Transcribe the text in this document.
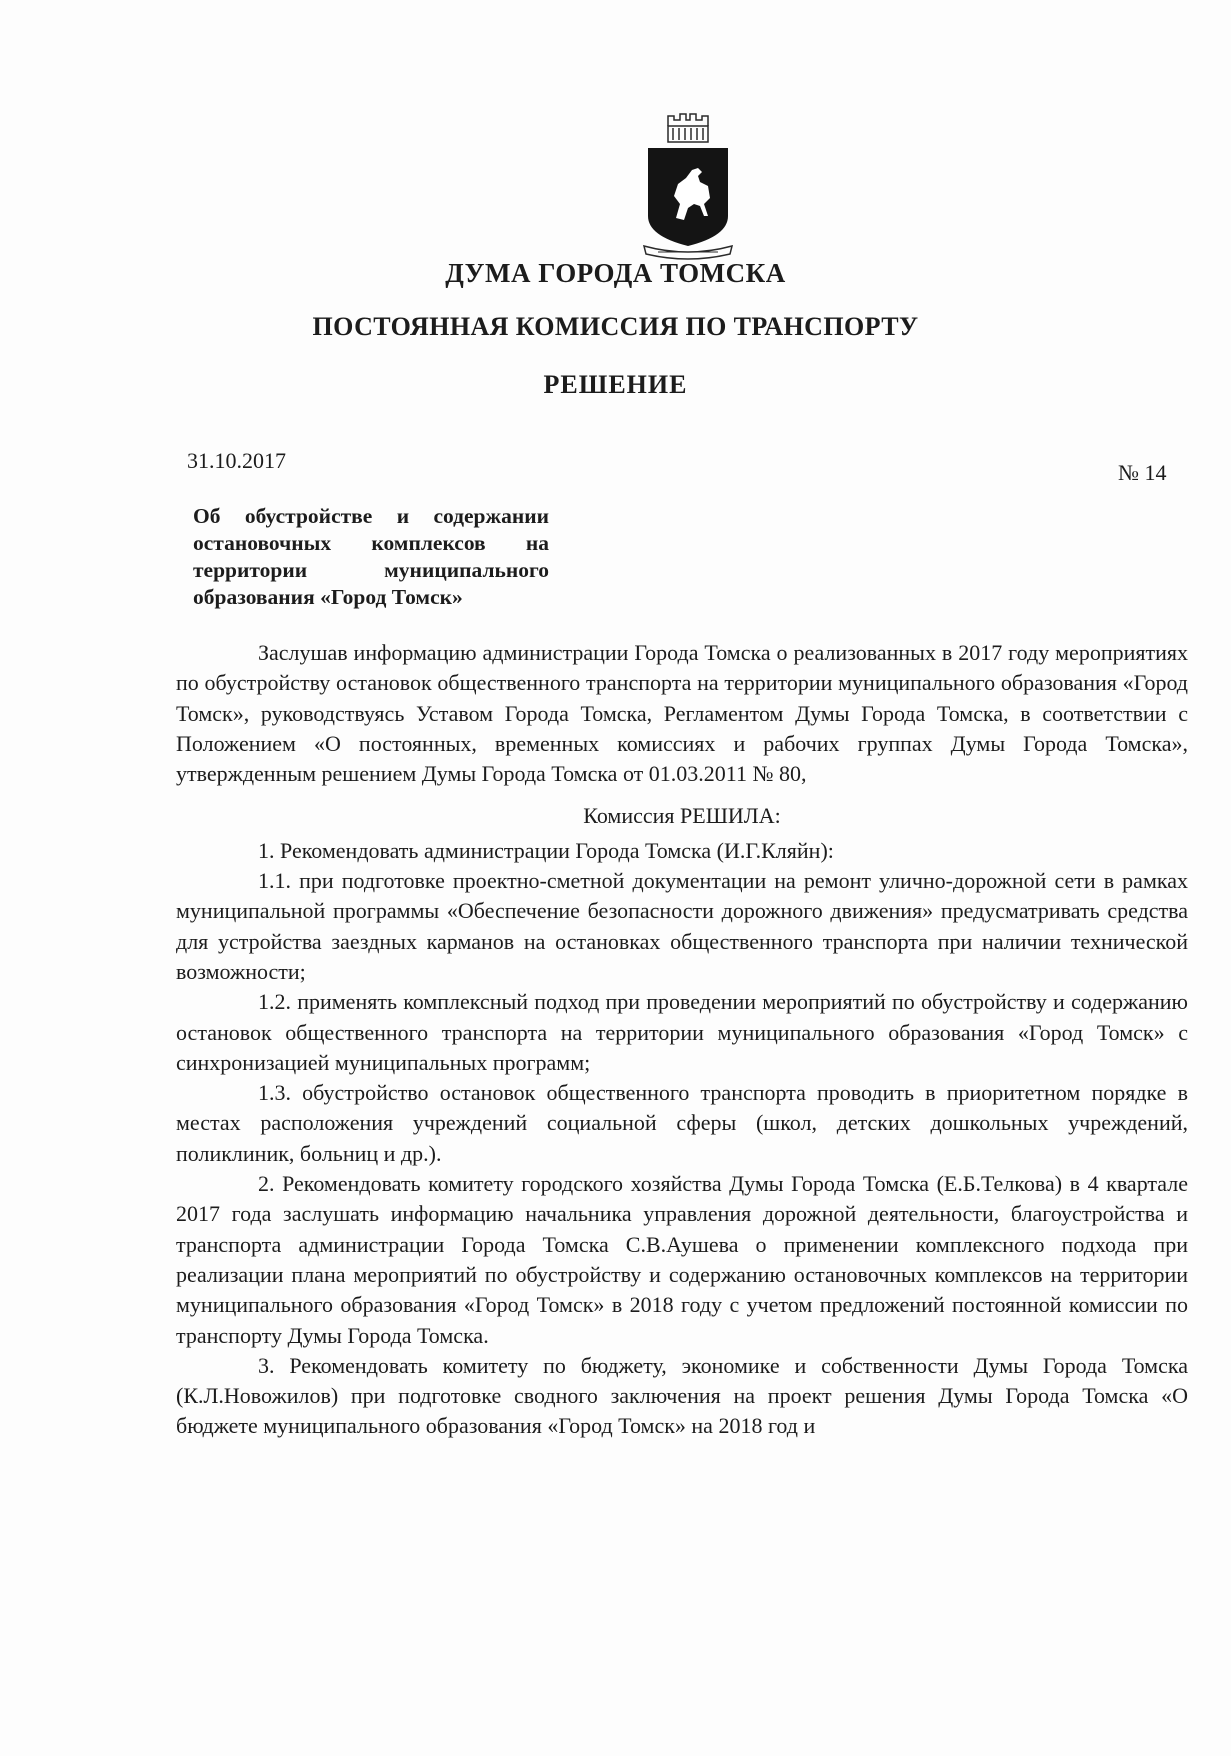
ДУМА ГОРОДА ТОМСКА
ПОСТОЯННАЯ КОМИССИЯ ПО ТРАНСПОРТУ
РЕШЕНИЕ
31.10.2017	№ 14

Об обустройстве и содержании остановочных комплексов на территории муниципального образования «Город Томск»

Заслушав информацию администрации Города Томска о реализованных в 2017 году мероприятиях по обустройству остановок общественного транспорта на территории муниципального образования «Город Томск», руководствуясь Уставом Города Томска, Регламентом Думы Города Томска, в соответствии с Положением «О постоянных, временных комиссиях и рабочих группах Думы Города Томска», утвержденным решением Думы Города Томска от 01.03.2011 № 80,

Комиссия РЕШИЛА:

1. Рекомендовать администрации Города Томска (И.Г.Кляйн):

1.1. при подготовке проектно-сметной документации на ремонт улично-дорожной сети в рамках муниципальной программы «Обеспечение безопасности дорожного движения» предусматривать средства для устройства заездных карманов на остановках общественного транспорта при наличии технической возможности;

1.2. применять комплексный подход при проведении мероприятий по обустройству и содержанию остановок общественного транспорта на территории муниципального образования «Город Томск» с синхронизацией муниципальных программ;

1.3. обустройство остановок общественного транспорта проводить в приоритетном порядке в местах расположения учреждений социальной сферы (школ, детских дошкольных учреждений, поликлиник, больниц и др.).

2. Рекомендовать комитету городского хозяйства Думы Города Томска (Е.Б.Телкова) в 4 квартале 2017 года заслушать информацию начальника управления дорожной деятельности, благоустройства и транспорта администрации Города Томска С.В.Аушева о применении комплексного подхода при реализации плана мероприятий по обустройству и содержанию остановочных комплексов на территории муниципального образования «Город Томск» в 2018 году с учетом предложений постоянной комиссии по транспорту Думы Города Томска.

3. Рекомендовать комитету по бюджету, экономике и собственности Думы Города Томска (К.Л.Новожилов) при подготовке сводного заключения на проект решения Думы Города Томска «О бюджете муниципального образования «Город Томск» на 2018 год и
